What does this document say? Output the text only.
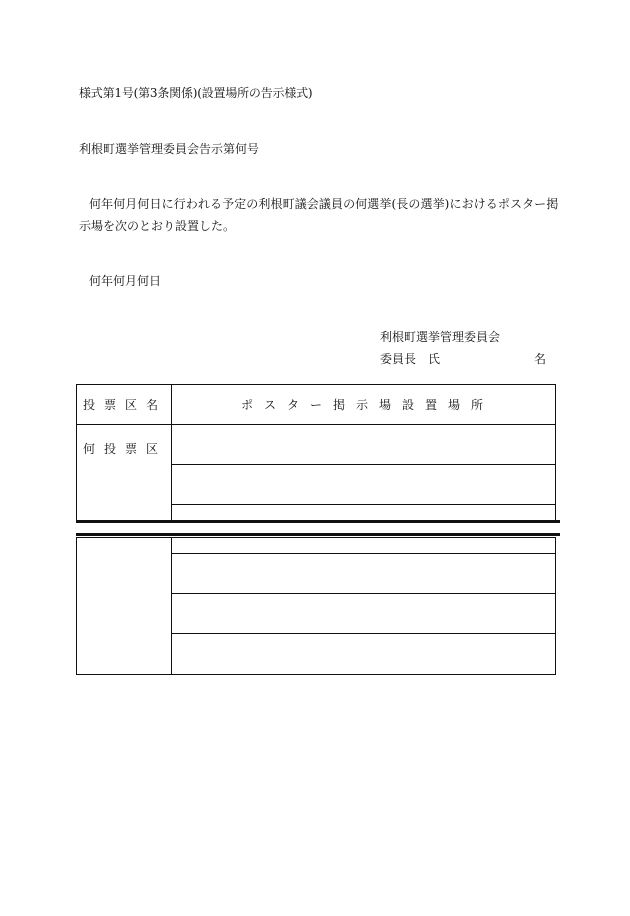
様式第1号(第3条関係)(設置場所の告示様式)
利根町選挙管理委員会告示第何号
何年何月何日に行われる予定の利根町議会議員の何選挙(長の選挙)におけるポスター掲
示場を次のとおり設置した。
何年何月何日
利根町選挙管理委員会
委員長　氏	名
投票区名	ポスター掲示場設置場所
何投票区
